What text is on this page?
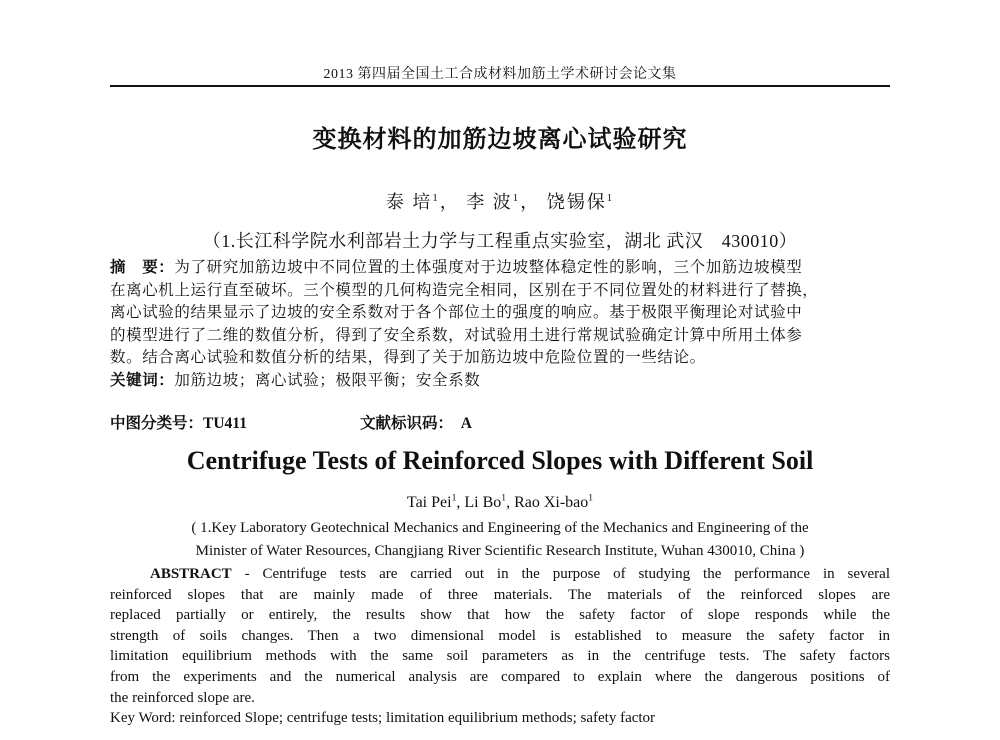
2013 第四届全国土工合成材料加筋土学术研讨会论文集
变换材料的加筋边坡离心试验研究
泰 培$^1$， 李 波$^1$， 饶锡保$^1$
（1.长江科学院水利部岩土力学与工程重点实验室，湖北 武汉　430010）
摘　要：为了研究加筋边坡中不同位置的土体强度对于边坡整体稳定性的影响，三个加筋边坡模型
在离心机上运行直至破坏。三个模型的几何构造完全相同，区别在于不同位置处的材料进行了替换，
离心试验的结果显示了边坡的安全系数对于各个部位土的强度的响应。基于极限平衡理论对试验中
的模型进行了二维的数值分析，得到了安全系数，对试验用土进行常规试验确定计算中所用土体参
数。结合离心试验和数值分析的结果，得到了关于加筋边坡中危险位置的一些结论。
关键词：加筋边坡；离心试验；极限平衡；安全系数
中图分类号：TU411	文献标识码： A
Centrifuge Tests of Reinforced Slopes with Different Soil
Tai Pei$^1$, Li Bo$^1$, Rao Xi-bao$^1$
( 1.Key Laboratory Geotechnical Mechanics and Engineering of the Mechanics and Engineering of the
Minister of Water Resources, Changjiang River Scientific Research Institute, Wuhan 430010, China )
ABSTRACT - Centrifuge tests are carried out in the purpose of studying the performance in several
reinforced slopes that are mainly made of three materials. The materials of the reinforced slopes are
replaced partially or entirely, the results show that how the safety factor of slope responds while the
strength of soils changes. Then a two dimensional model is established to measure the safety factor in
limitation equilibrium methods with the same soil parameters as in the centrifuge tests. The safety factors
from the experiments and the numerical analysis are compared to explain where the dangerous positions of
the reinforced slope are.
Key Word: reinforced Slope; centrifuge tests; limitation equilibrium methods; safety factor
